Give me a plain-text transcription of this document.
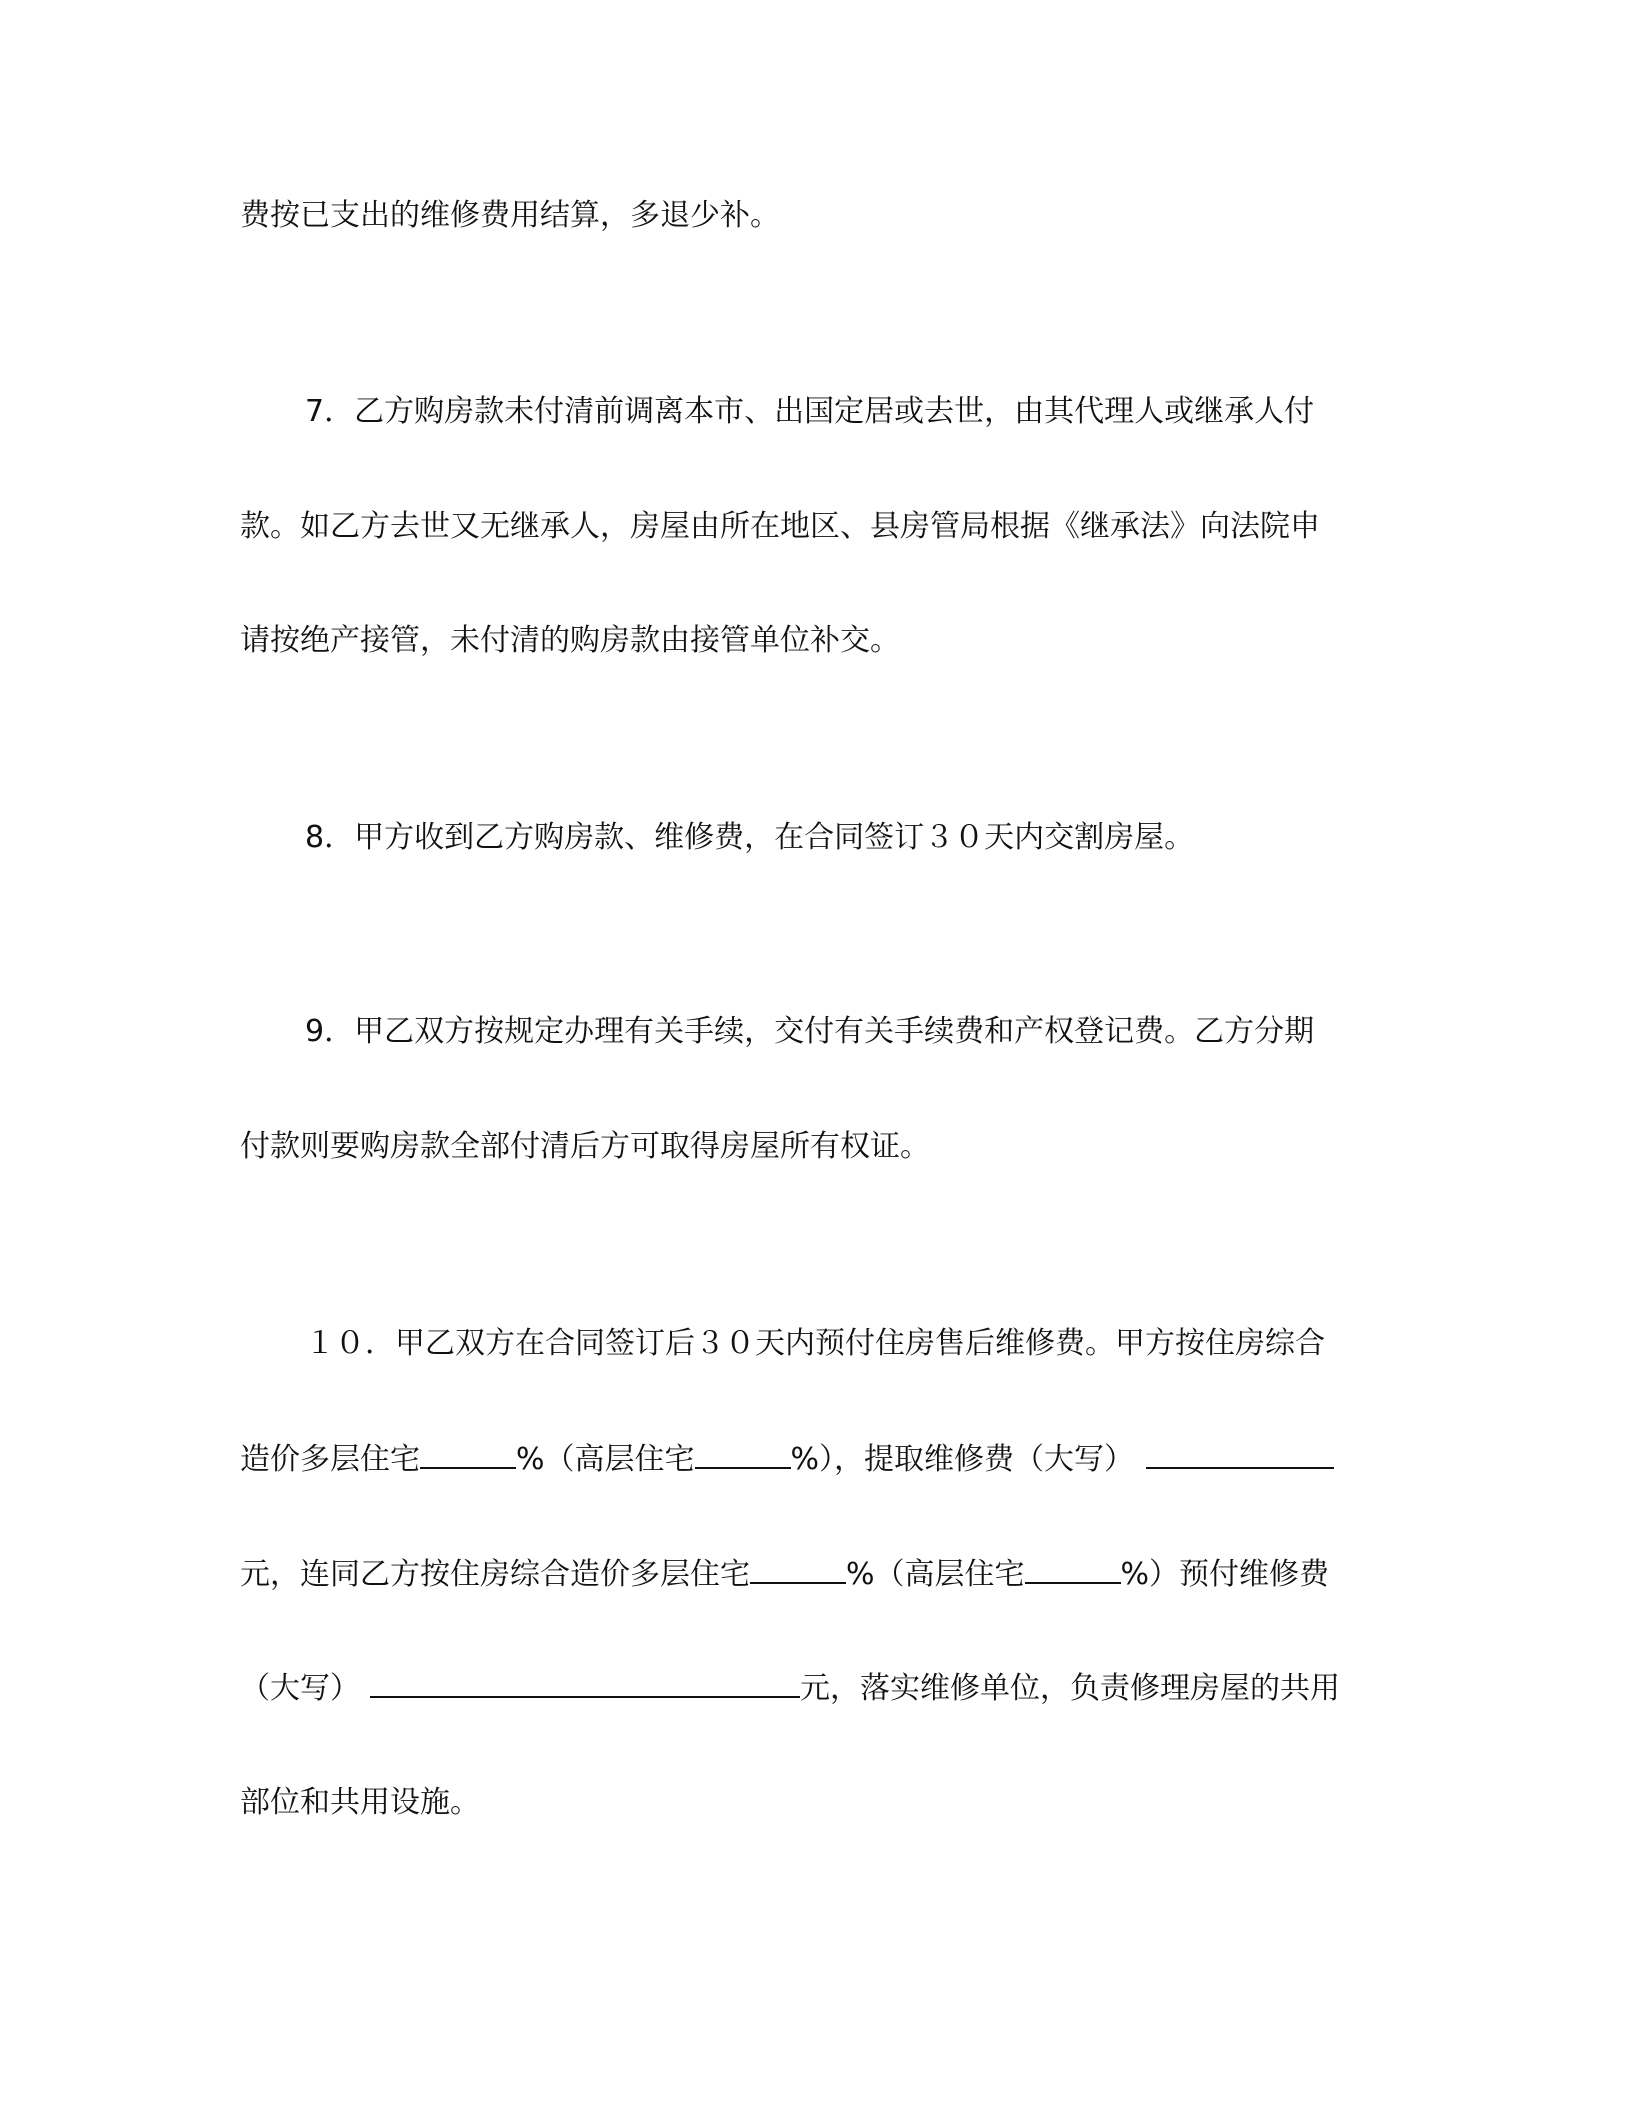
费按已支出的维修费用结算，多退少补。
7．乙方购房款未付清前调离本市、出国定居或去世，由其代理人或继承人付
款。如乙方去世又无继承人，房屋由所在地区、县房管局根据《继承法》向法院申
请按绝产接管，未付清的购房款由接管单位补交。
8．甲方收到乙方购房款、维修费，在合同签订３０天内交割房屋。
9．甲乙双方按规定办理有关手续，交付有关手续费和产权登记费。乙方分期
付款则要购房款全部付清后方可取得房屋所有权证。
１０．甲乙双方在合同签订后３０天内预付住房售后维修费。甲方按住房综合
造价多层住宅	%（高层住宅	%），提取维修费（大写）
元，连同乙方按住房综合造价多层住宅	%（高层住宅	%）预付维修费
（大写）	元，落实维修单位，负责修理房屋的共用
部位和共用设施。
